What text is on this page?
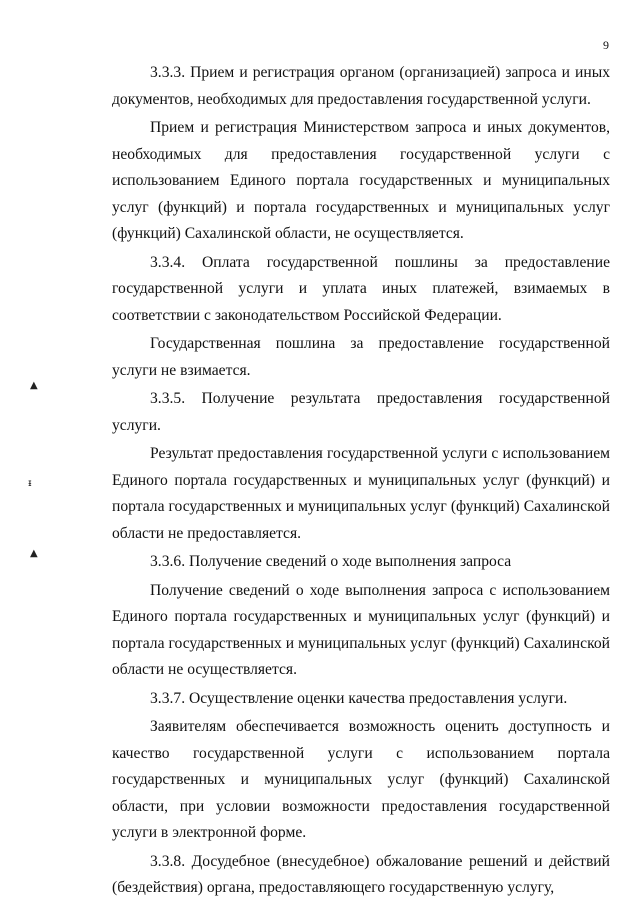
9
▲
ᵻ
▲

3.3.3. Прием и регистрация органом (организацией) запроса и иных документов, необходимых для предоставления государственной услуги.

Прием и регистрация Министерством запроса и иных документов, необходимых для предоставления государственной услуги с использованием Единого портала государственных и муниципальных услуг (функций) и портала государственных и муниципальных услуг (функций) Сахалинской области, не осуществляется.

3.3.4. Оплата государственной пошлины за предоставление государственной услуги и уплата иных платежей, взимаемых в соответствии с законодательством Российской Федерации.

Государственная пошлина за предоставление государственной услуги не взимается.

3.3.5. Получение результата предоставления государственной услуги.

Результат предоставления государственной услуги с использованием Единого портала государственных и муниципальных услуг (функций) и портала государственных и муниципальных услуг (функций) Сахалинской области не предоставляется.

3.3.6. Получение сведений о ходе выполнения запроса

Получение сведений о ходе выполнения запроса с использованием Единого портала государственных и муниципальных услуг (функций) и портала государственных и муниципальных услуг (функций) Сахалинской области не осуществляется.

3.3.7. Осуществление оценки качества предоставления услуги.

Заявителям обеспечивается возможность оценить доступность и качество государственной услуги с использованием портала государственных и муниципальных услуг (функций) Сахалинской области, при условии возможности предоставления государственной услуги в электронной форме.

3.3.8. Досудебное (внесудебное) обжалование решений и действий (бездействия) органа, предоставляющего государственную услугу,
